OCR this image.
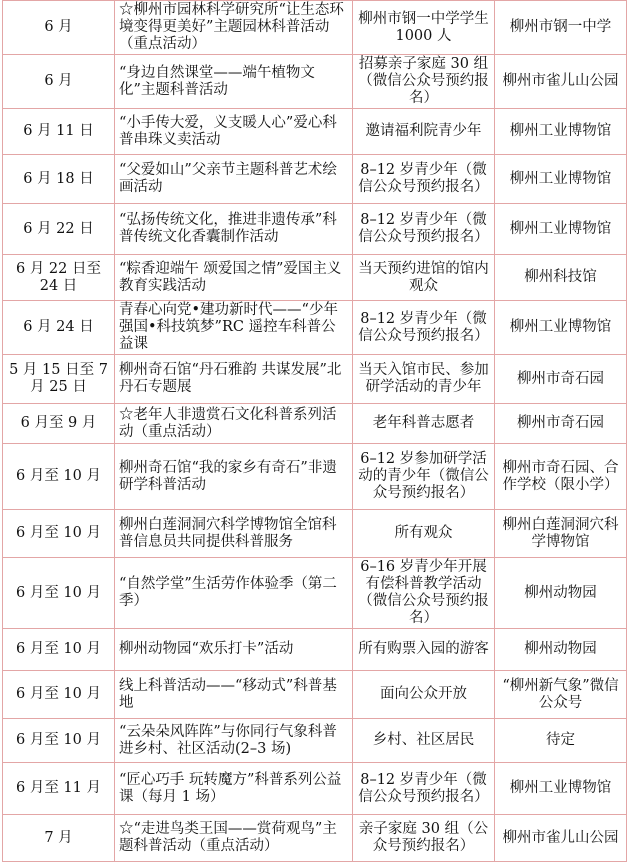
6 月	☆柳州市园林科学研究所“让生态环境变得更美好”主题园林科普活动（重点活动）	柳州市钢一中学学生 1000 人	柳州市钢一中学
6 月	“身边自然课堂——端午植物文化”主题科普活动	招募亲子家庭 30 组（微信公众号预约报名）	柳州市雀儿山公园
6 月 11 日	“小手传大爱，义支暖人心”爱心科普串珠义卖活动	邀请福利院青少年	柳州工业博物馆
6 月 18 日	“父爱如山”父亲节主题科普艺术绘画活动	8–12 岁青少年（微信公众号预约报名）	柳州工业博物馆
6 月 22 日	“弘扬传统文化，推进非遗传承”科普传统文化香囊制作活动	8–12 岁青少年（微信公众号预约报名）	柳州工业博物馆
6 月 22 日至 24 日	“粽香迎端午 颂爱国之情”爱国主义教育实践活动	当天预约进馆的馆内观众	柳州科技馆
6 月 24 日	青春心向党•建功新时代——“少年强国•科技筑梦”RC 遥控车科普公益课	8–12 岁青少年（微信公众号预约报名）	柳州工业博物馆
5 月 15 日至 7 月 25 日	柳州奇石馆“丹石雅韵 共谋发展”北丹石专题展	当天入馆市民、参加研学活动的青少年	柳州市奇石园
6 月至 9 月	☆老年人非遗赏石文化科普系列活动（重点活动）	老年科普志愿者	柳州市奇石园
6 月至 10 月	柳州奇石馆“我的家乡有奇石”非遗研学科普活动	6–12 岁参加研学活动的青少年（微信公众号预约报名）	柳州市奇石园、合作学校（限小学）
6 月至 10 月	柳州白莲洞洞穴科学博物馆全馆科普信息员共同提供科普服务	所有观众	柳州白莲洞洞穴科学博物馆
6 月至 10 月	“自然学堂”生活劳作体验季（第二季）	6–16 岁青少年开展有偿科普教学活动（微信公众号预约报名）	柳州动物园
6 月至 10 月	柳州动物园“欢乐打卡”活动	所有购票入园的游客	柳州动物园
6 月至 10 月	线上科普活动——“移动式”科普基地	面向公众开放	“柳州新气象”微信公众号
6 月至 10 月	“云朵朵风阵阵”与你同行气象科普进乡村、社区活动(2–3 场)	乡村、社区居民	待定
6 月至 11 月	“匠心巧手 玩转魔方”科普系列公益课（每月 1 场）	8–12 岁青少年（微信公众号预约报名）	柳州工业博物馆
7 月	☆“走进鸟类王国——赏荷观鸟”主题科普活动（重点活动）	亲子家庭 30 组（公众号预约报名）	柳州市雀儿山公园
